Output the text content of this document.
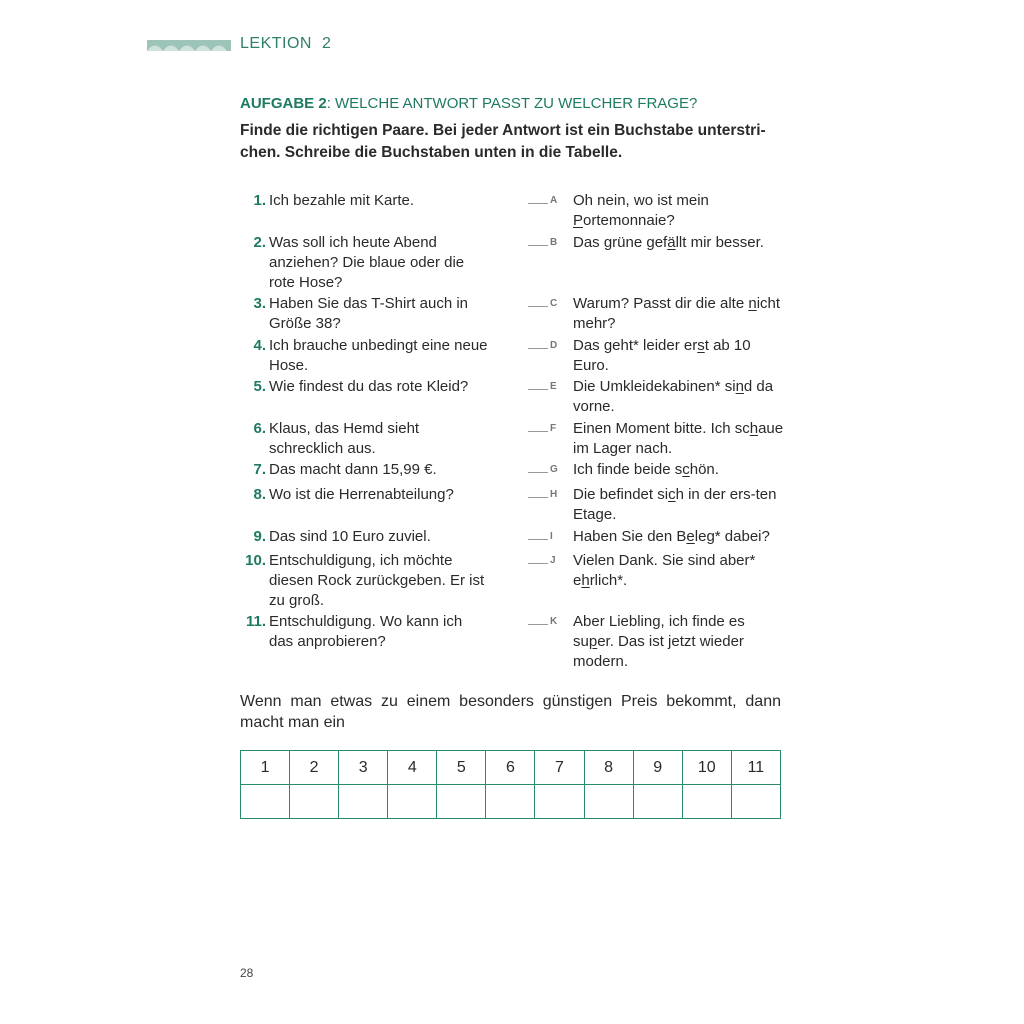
LEKTION 2
AUFGABE 2: WELCHE ANTWORT PASST ZU WELCHER FRAGE?
Finde die richtigen Paare. Bei jeder Antwort ist ein Buchstabe unterstri-chen. Schreibe die Buchstaben unten in die Tabelle.
1. Ich bezahle mit Karte.
2. Was soll ich heute Abend anziehen? Die blaue oder die rote Hose?
3. Haben Sie das T-Shirt auch in Größe 38?
4. Ich brauche unbedingt eine neue Hose.
5. Wie findest du das rote Kleid?
6. Klaus, das Hemd sieht schrecklich aus.
7. Das macht dann 15,99 €.
8. Wo ist die Herrenabteilung?
9. Das sind 10 Euro zuviel.
10. Entschuldigung, ich möchte diesen Rock zurückgeben. Er ist zu groß.
11. Entschuldigung. Wo kann ich das anprobieren?
A Oh nein, wo ist mein Portemonnaie?
B Das grüne gefällt mir besser.
C Warum? Passt dir die alte nicht mehr?
D Das geht* leider erst ab 10 Euro.
E Die Umkleidekabinen* sind da vorne.
F Einen Moment bitte. Ich schaue im Lager nach.
G Ich finde beide schön.
H Die befindet sich in der ers-ten Etage.
I Haben Sie den Beleg* dabei?
J Vielen Dank. Sie sind aber* ehrlich*.
K Aber Liebling, ich finde es super. Das ist jetzt wieder modern.
Wenn man etwas zu einem besonders günstigen Preis bekommt, dann macht man ein
1	2	3	4	5	6	7	8	9	10	11

28
